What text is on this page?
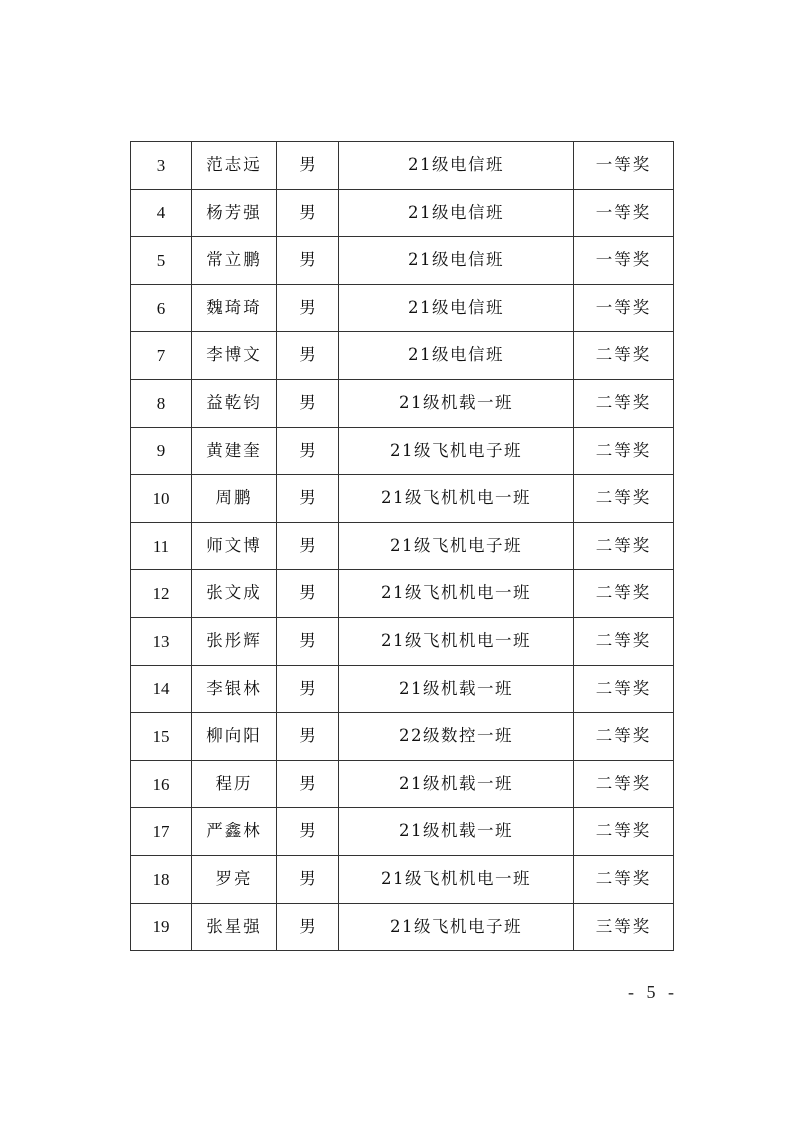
3	范志远	男	21级电信班	一等奖
4	杨芳强	男	21级电信班	一等奖
5	常立鹏	男	21级电信班	一等奖
6	魏琦琦	男	21级电信班	一等奖
7	李博文	男	21级电信班	二等奖
8	益乾钧	男	21级机载一班	二等奖
9	黄建奎	男	21级飞机电子班	二等奖
10	周鹏	男	21级飞机机电一班	二等奖
11	师文博	男	21级飞机电子班	二等奖
12	张文成	男	21级飞机机电一班	二等奖
13	张彤辉	男	21级飞机机电一班	二等奖
14	李银林	男	21级机载一班	二等奖
15	柳向阳	男	22级数控一班	二等奖
16	程历	男	21级机载一班	二等奖
17	严鑫林	男	21级机载一班	二等奖
18	罗亮	男	21级飞机机电一班	二等奖
19	张星强	男	21级飞机电子班	三等奖
- 5 -
